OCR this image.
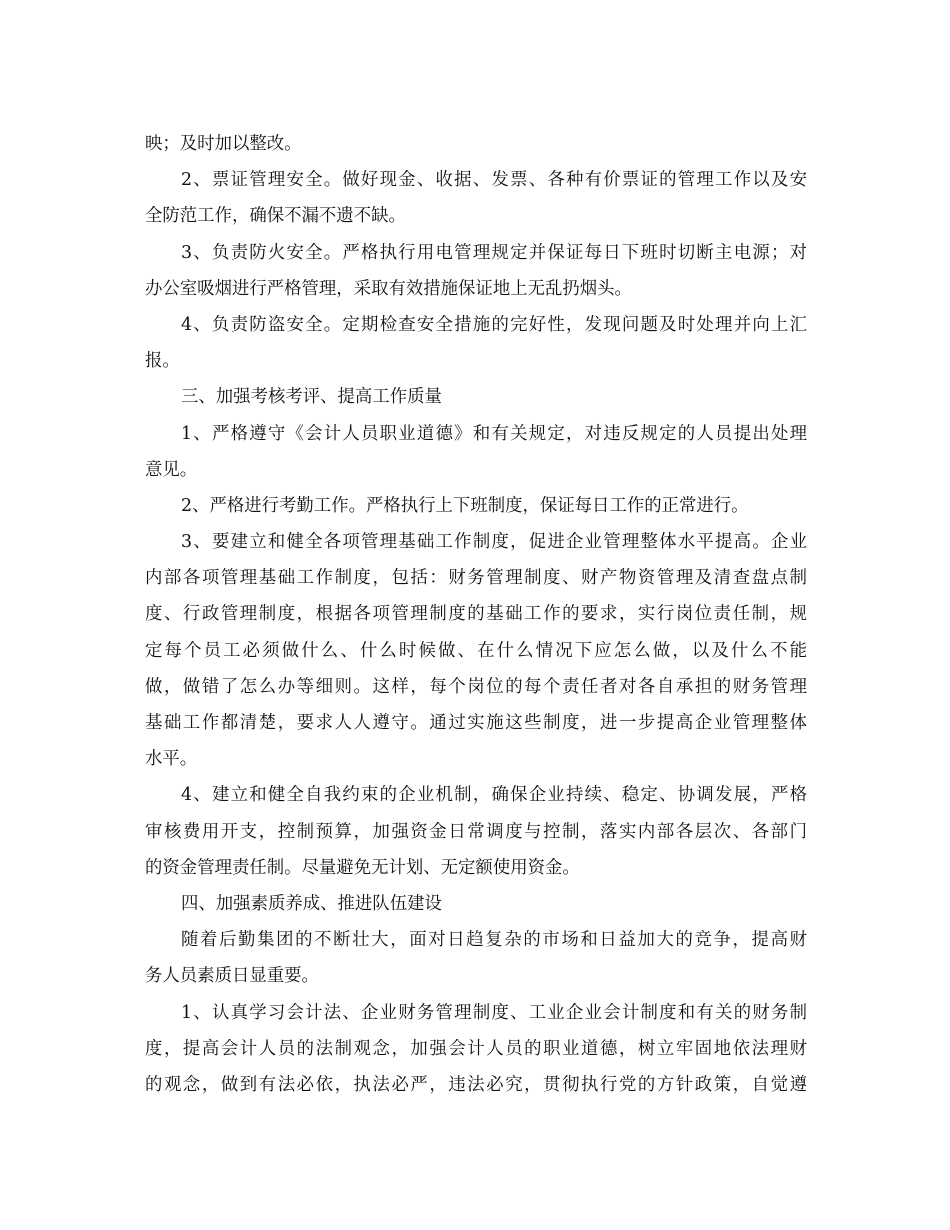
映；及时加以整改。
2、票证管理安全。做好现金、收据、发票、各种有价票证的管理工作以及安
全防范工作，确保不漏不遗不缺。
3、负责防火安全。严格执行用电管理规定并保证每日下班时切断主电源；对
办公室吸烟进行严格管理，采取有效措施保证地上无乱扔烟头。
4、负责防盗安全。定期检查安全措施的完好性，发现问题及时处理并向上汇
报。
三、加强考核考评、提高工作质量
1、严格遵守《会计人员职业道德》和有关规定，对违反规定的人员提出处理
意见。
2、严格进行考勤工作。严格执行上下班制度，保证每日工作的正常进行。
3、要建立和健全各项管理基础工作制度，促进企业管理整体水平提高。企业
内部各项管理基础工作制度，包括：财务管理制度、财产物资管理及清查盘点制
度、行政管理制度，根据各项管理制度的基础工作的要求，实行岗位责任制，规
定每个员工必须做什么、什么时候做、在什么情况下应怎么做，以及什么不能
做，做错了怎么办等细则。这样，每个岗位的每个责任者对各自承担的财务管理
基础工作都清楚，要求人人遵守。通过实施这些制度，进一步提高企业管理整体
水平。
4、建立和健全自我约束的企业机制，确保企业持续、稳定、协调发展，严格
审核费用开支，控制预算，加强资金日常调度与控制，落实内部各层次、各部门
的资金管理责任制。尽量避免无计划、无定额使用资金。
四、加强素质养成、推进队伍建设
随着后勤集团的不断壮大，面对日趋复杂的市场和日益加大的竞争，提高财
务人员素质日显重要。
1、认真学习会计法、企业财务管理制度、工业企业会计制度和有关的财务制
度，提高会计人员的法制观念，加强会计人员的职业道德，树立牢固地依法理财
的观念，做到有法必依，执法必严，违法必究，贯彻执行党的方针政策，自觉遵
